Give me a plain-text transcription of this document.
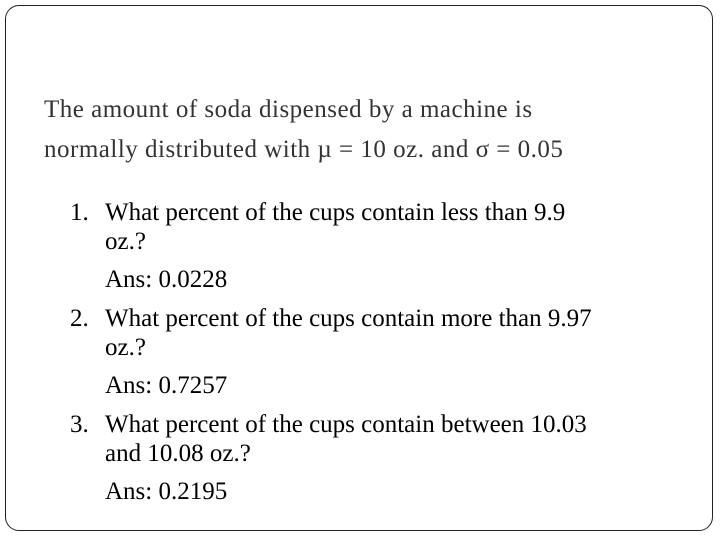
The amount of soda dispensed by a machine is
normally distributed with µ = 10 oz. and σ = 0.05
1. What percent of the cups contain less than 9.9
oz.?
Ans: 0.0228
2. What percent of the cups contain more than 9.97
oz.?
Ans: 0.7257
3. What percent of the cups contain between 10.03
and 10.08 oz.?
Ans: 0.2195
